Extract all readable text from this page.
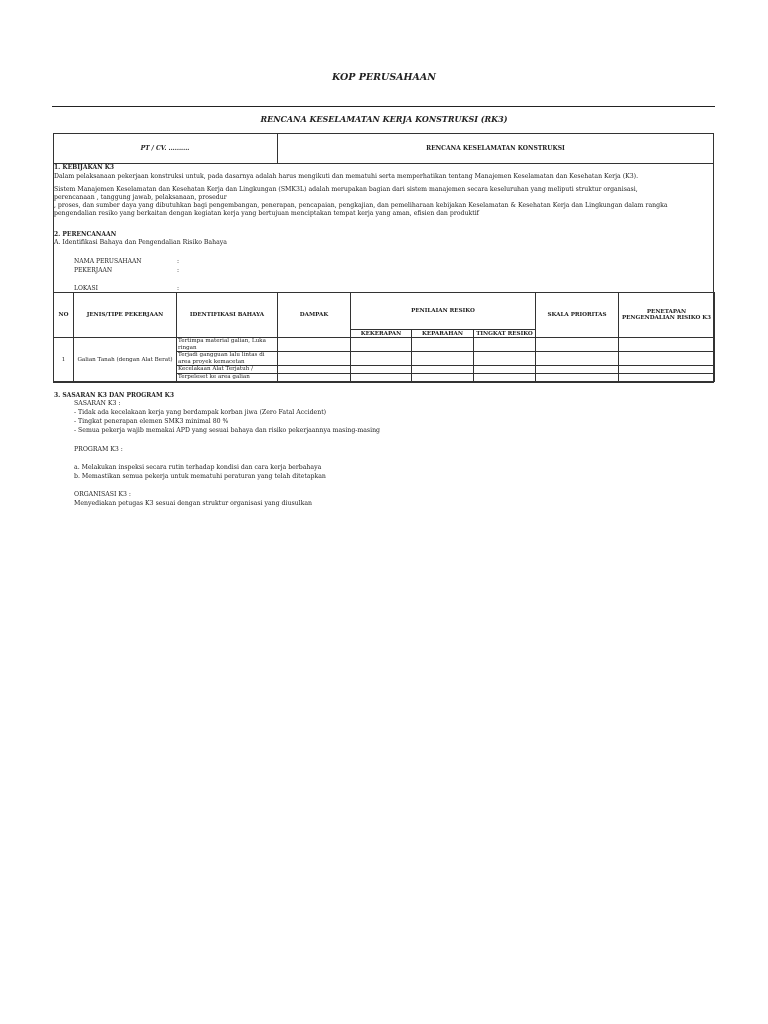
KOP PERUSAHAAN
RENCANA KESELAMATAN KERJA KONSTRUKSI (RK3)
PT / CV. ..........	RENCANA KESELAMATAN KONSTRUKSI
1. KEBIJAKAN K3
Dalam pelaksanaan pekerjaan konstruksi untuk, pada dasarnya adalah harus mengikuti dan mematuhi serta memperhatikan tentang Manajemen Keselamatan dan Kesehatan Kerja (K3).
Sistem Manajemen Keselamatan dan Kesehatan Kerja dan Lingkungan (SMK3L) adalah merupakan bagian dari sistem manajemen secara keseluruhan yang meliputi struktur organisasi,
perencanaan , tanggung jawab, pelaksanaan, prosedur
, proses, dan sumber daya yang dibutuhkan bagi pengembangan, penerapan, pencapaian, pengkajian, dan pemeliharaan kebijakan Keselamatan & Kesehatan Kerja dan Lingkungan dalam rangka
pengendalian resiko yang berkaitan dengan kegiatan kerja yang bertujuan menciptakan tempat kerja yang aman, efisien dan produktif
2. PERENCANAAN
A. Identifikasi Bahaya dan Pengendalian Risiko Bahaya
NAMA PERUSAHAAN	:
PEKERJAAN	:
LOKASI	:
NO	JENIS/TIPE PEKERJAAN	IDENTIFIKASI BAHAYA	DAMPAK	PENILAIAN RESIKO			SKALA PRIORITAS	PENETAPAN PENGENDALIAN RISIKO K3
				KEKERAPAN	KEPARAHAN	TINGKAT RESIKO		
1	Galian Tanah (dengan Alat Berat)	Tertimpa material galian, Luka ringan						
		Terjadi gangguan lalu lintas di area proyek kemacetan						
		Kecelakaan Alat Terjatuh /						
		Terpeleset ke area galian						
3. SASARAN K3 DAN PROGRAM K3
SASARAN K3 :
- Tidak ada kecelakaan kerja yang berdampak korban jiwa (Zero Fatal Accident)
- Tingkat penerapan elemen SMK3 minimal 80 %
- Semua pekerja wajib memakai APD yang sesuai bahaya dan risiko pekerjaannya masing-masing
PROGRAM K3 :
a. Melakukan inspeksi secara rutin terhadap kondisi dan cara kerja berbahaya
b. Memastikan semua pekerja untuk mematuhi peraturan yang telah ditetapkan
ORGANISASI K3 :
Menyediakan petugas K3 sesuai dengan struktur organisasi yang diusulkan
